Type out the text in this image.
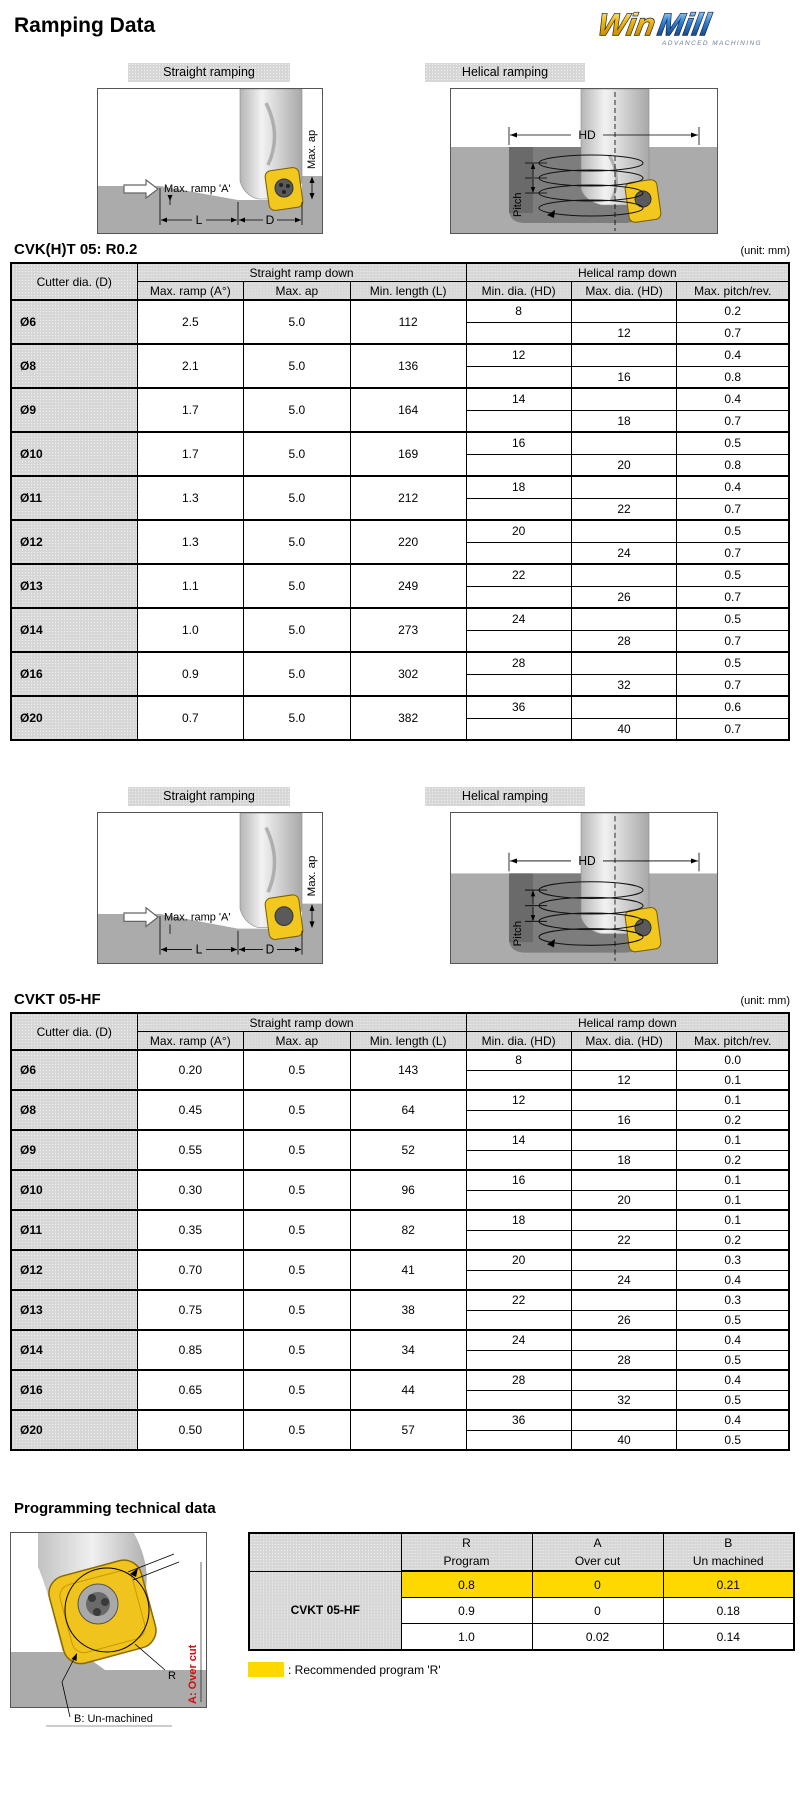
Ramping Data	Win
Mill
ADVANCED MACHINING
Straight ramping	Helical ramping
Max. ramp 'A'
L	D
Max. ap	HD
Pitch
CVK(H)T 05: R0.2	(unit: mm)
Cutter dia. (D)	Straight ramp down			Helical ramp down		
	Max. ramp (A°)	Max. ap	Min. length (L)	Min. dia. (HD)	Max. dia. (HD)	Max. pitch/rev.
Ø6	2.5	5.0	112	8		0.2
					12	0.7
Ø8	2.1	5.0	136	12		0.4
					16	0.8
Ø9	1.7	5.0	164	14		0.4
					18	0.7
Ø10	1.7	5.0	169	16		0.5
					20	0.8
Ø11	1.3	5.0	212	18		0.4
					22	0.7
Ø12	1.3	5.0	220	20		0.5
					24	0.7
Ø13	1.1	5.0	249	22		0.5
					26	0.7
Ø14	1.0	5.0	273	24		0.5
					28	0.7
Ø16	0.9	5.0	302	28		0.5
					32	0.7
Ø20	0.7	5.0	382	36		0.6
					40	0.7
Straight ramping	Helical ramping
Max. ramp 'A'
L	D
Max. ap	HD
Pitch
CVKT 05-HF	(unit: mm)
Cutter dia. (D)	Straight ramp down			Helical ramp down		
	Max. ramp (A°)	Max. ap	Min. length (L)	Min. dia. (HD)	Max. dia. (HD)	Max. pitch/rev.
Ø6	0.20	0.5	143	8		0.0
					12	0.1
Ø8	0.45	0.5	64	12		0.1
					16	0.2
Ø9	0.55	0.5	52	14		0.1
					18	0.2
Ø10	0.30	0.5	96	16		0.1
					20	0.1
Ø11	0.35	0.5	82	18		0.1
					22	0.2
Ø12	0.70	0.5	41	20		0.3
					24	0.4
Ø13	0.75	0.5	38	22		0.3
					26	0.5
Ø14	0.85	0.5	34	24		0.4
					28	0.5
Ø16	0.65	0.5	44	28		0.4
					32	0.5
Ø20	0.50	0.5	57	36		0.4
					40	0.5
Programming technical data
R A: Over cut
B: Un-machined
	R	A	B
	Program	Over cut	Un machined
CVKT 05-HF	0.8	0	0.21
	0.9	0	0.18
	1.0	0.02	0.14
: Recommended program 'R'
